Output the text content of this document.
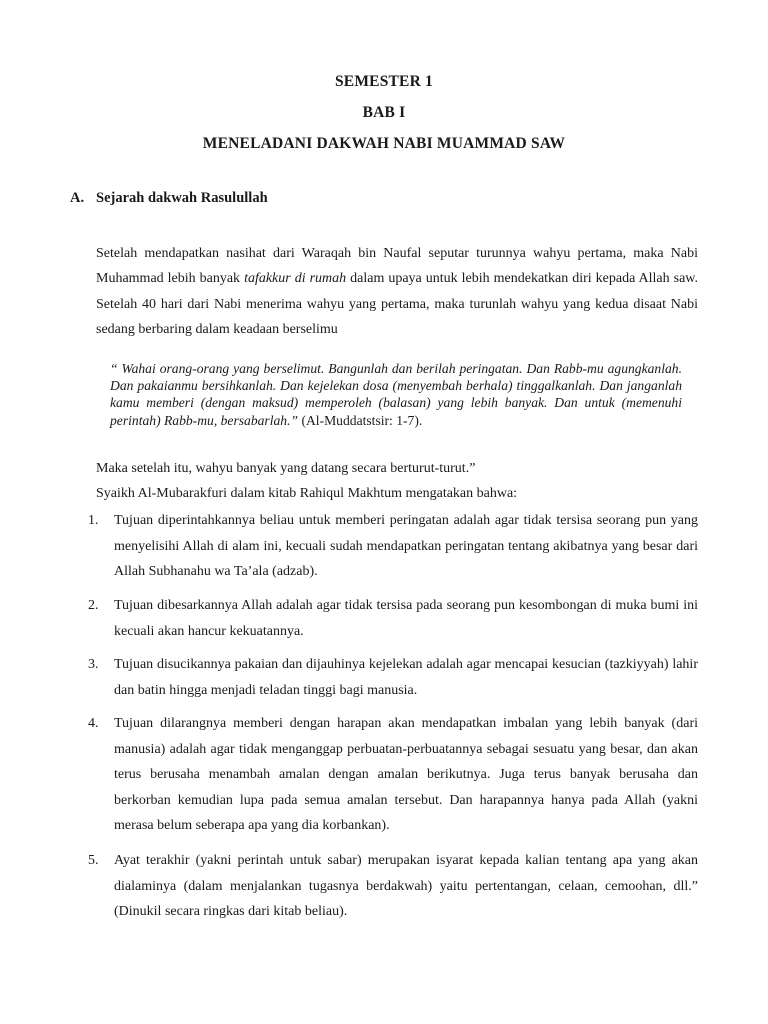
SEMESTER 1
BAB I
MENELADANI DAKWAH NABI MUAMMAD SAW
A. Sejarah dakwah Rasulullah
Setelah mendapatkan nasihat dari Waraqah bin Naufal seputar turunnya wahyu pertama, maka Nabi Muhammad lebih banyak tafakkur di rumah dalam upaya untuk lebih mendekatkan diri kepada Allah saw. Setelah 40 hari dari Nabi menerima wahyu yang pertama, maka turunlah wahyu yang kedua disaat Nabi sedang berbaring dalam keadaan berselimu
“ Wahai orang-orang yang berselimut. Bangunlah dan berilah peringatan. Dan Rabb-mu agungkanlah. Dan pakaianmu bersihkanlah. Dan kejelekan dosa (menyembah berhala) tinggalkanlah. Dan janganlah kamu memberi (dengan maksud) memperoleh (balasan) yang lebih banyak. Dan untuk (memenuhi perintah) Rabb-mu, bersabarlah.” (Al-Muddatstsir: 1-7).
Maka setelah itu, wahyu banyak yang datang secara berturut-turut.”
Syaikh Al-Mubarakfuri dalam kitab Rahiqul Makhtum mengatakan bahwa:
1. Tujuan diperintahkannya beliau untuk memberi peringatan adalah agar tidak tersisa seorang pun yang menyelisihi Allah di alam ini, kecuali sudah mendapatkan peringatan tentang akibatnya yang besar dari Allah Subhanahu wa Ta’ala (adzab).
2. Tujuan dibesarkannya Allah adalah agar tidak tersisa pada seorang pun kesombongan di muka bumi ini kecuali akan hancur kekuatannya.
3. Tujuan disucikannya pakaian dan dijauhinya kejelekan adalah agar mencapai kesucian (tazkiyyah) lahir dan batin hingga menjadi teladan tinggi bagi manusia.
4. Tujuan dilarangnya memberi dengan harapan akan mendapatkan imbalan yang lebih banyak (dari manusia) adalah agar tidak menganggap perbuatan-perbuatannya sebagai sesuatu yang besar, dan akan terus berusaha menambah amalan dengan amalan berikutnya. Juga terus banyak berusaha dan berkorban kemudian lupa pada semua amalan tersebut. Dan harapannya hanya pada Allah (yakni merasa belum seberapa apa yang dia korbankan).
5. Ayat terakhir (yakni perintah untuk sabar) merupakan isyarat kepada kalian tentang apa yang akan dialaminya (dalam menjalankan tugasnya berdakwah) yaitu pertentangan, celaan, cemoohan, dll.” (Dinukil secara ringkas dari kitab beliau).
